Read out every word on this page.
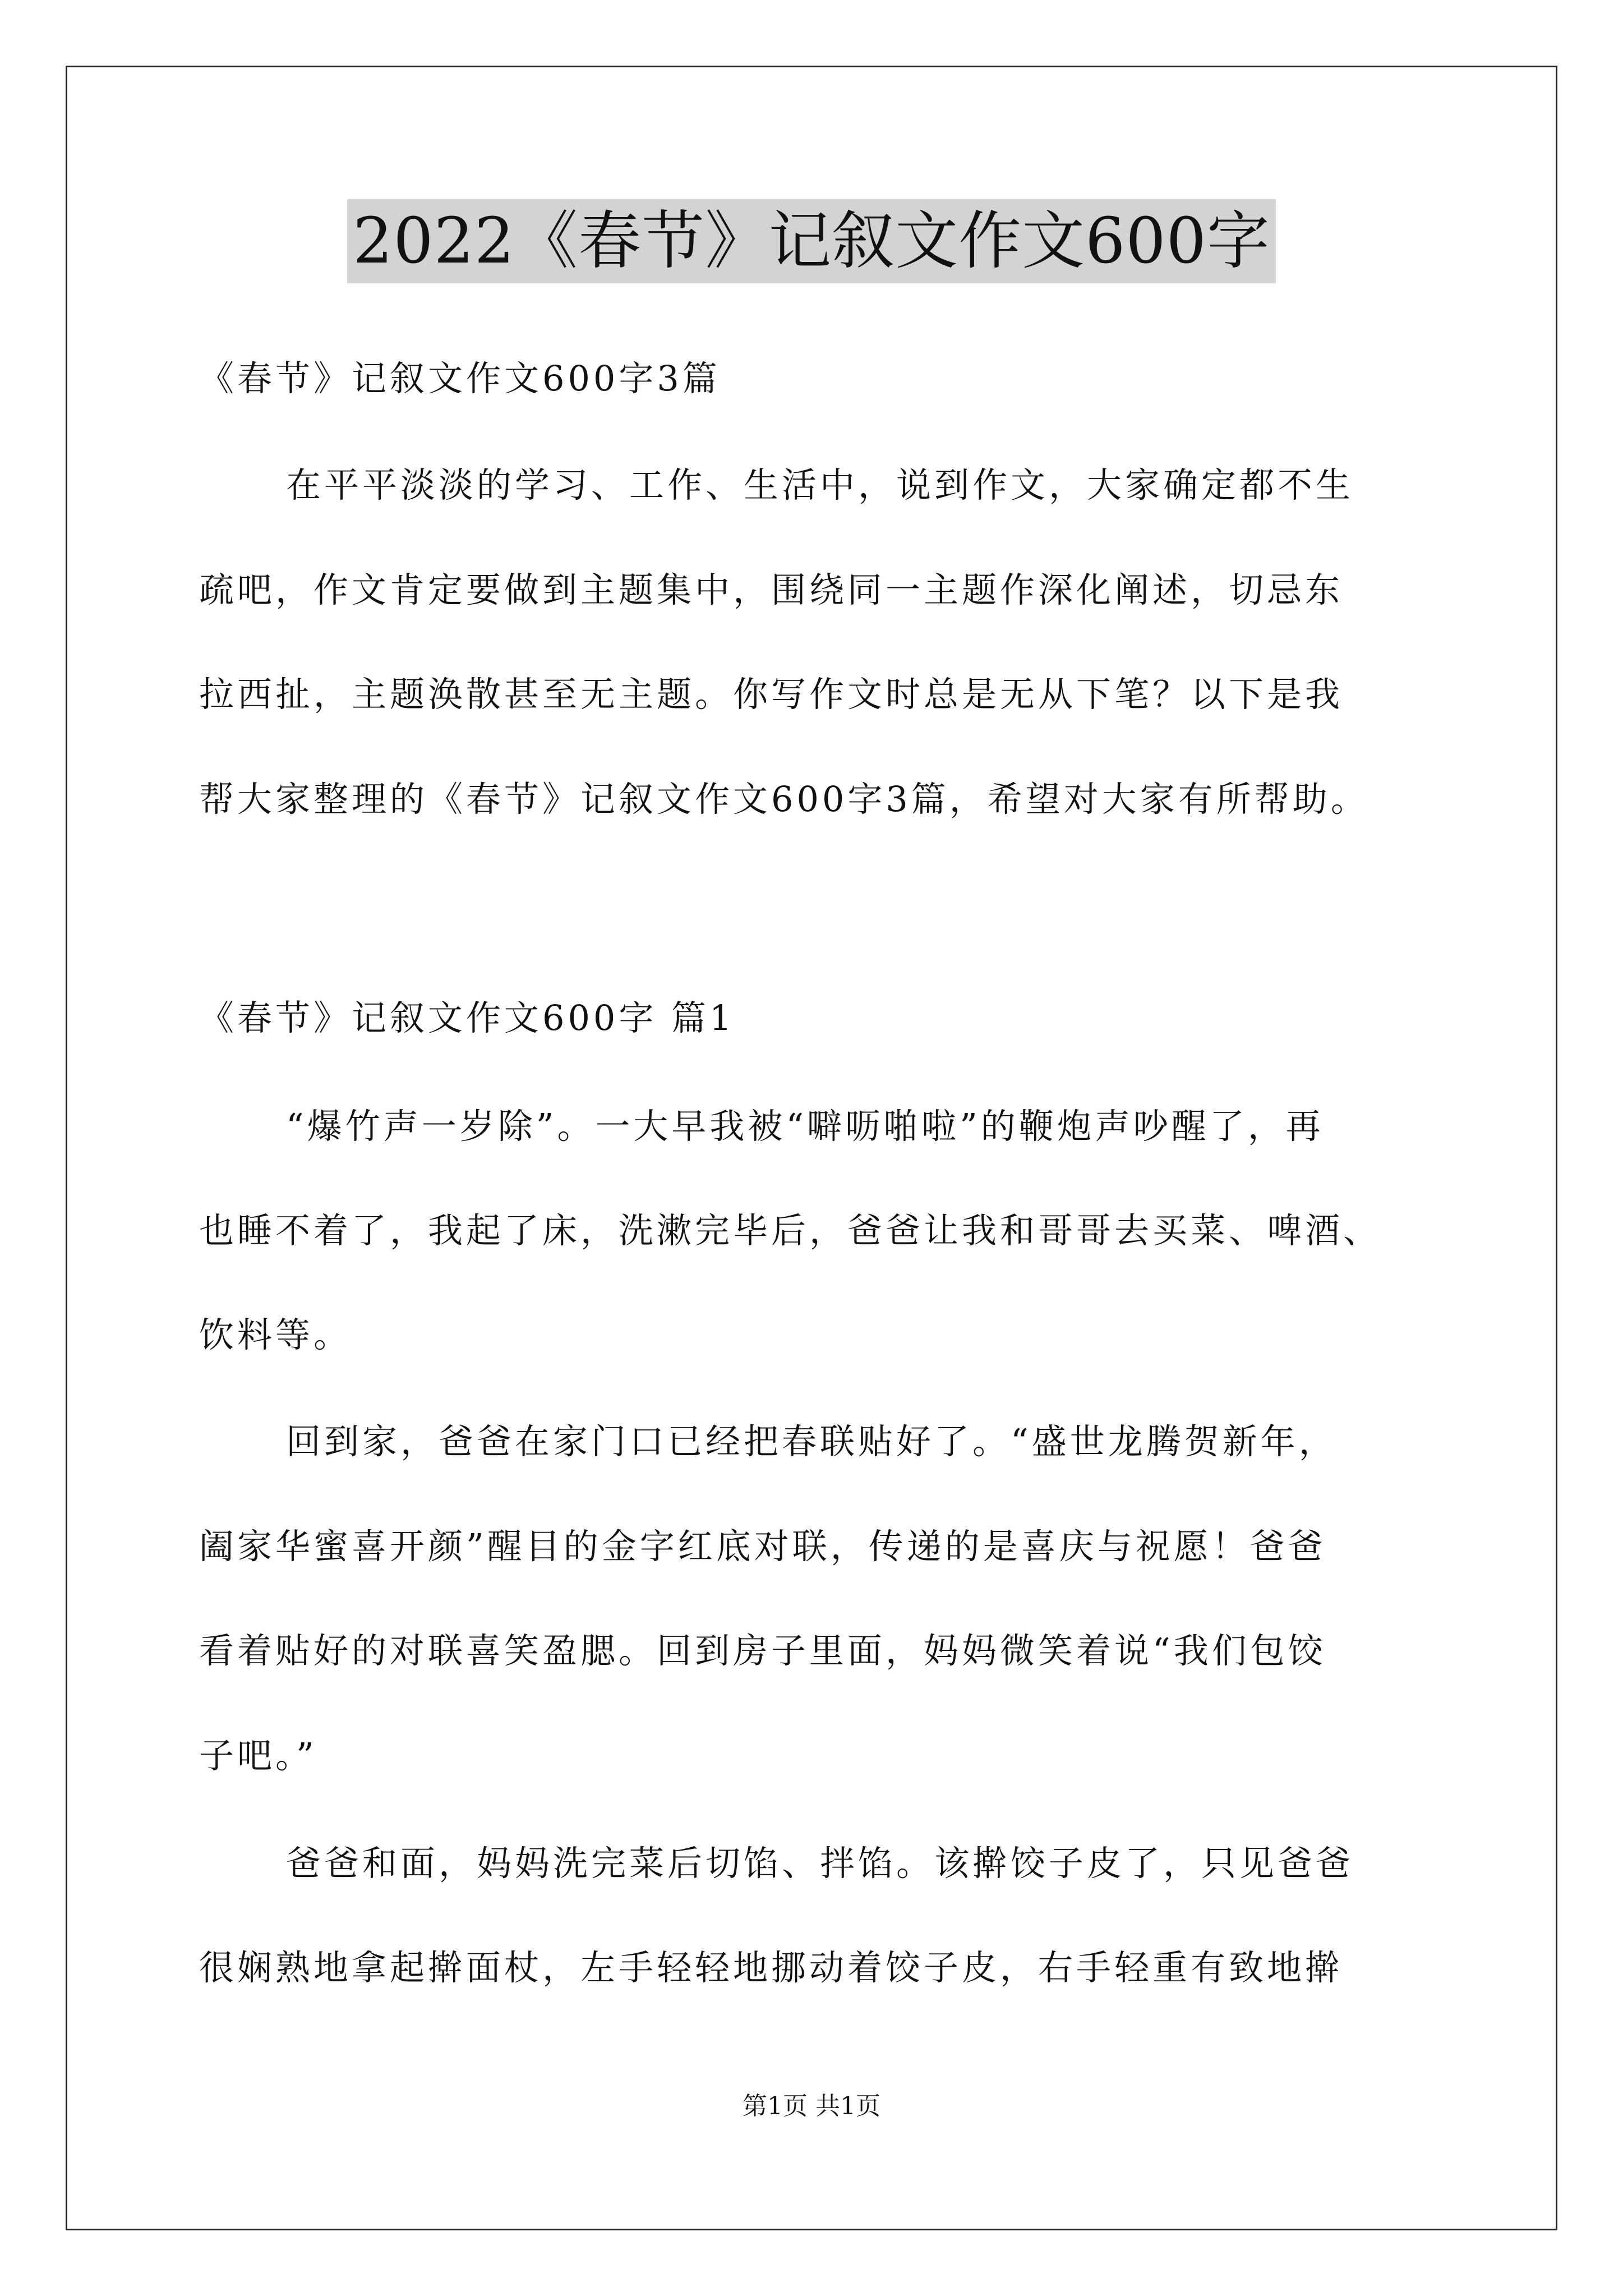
2022《春节》记叙文作文600字
《春节》记叙文作文600字3篇
在平平淡淡的学习、工作、生活中，说到作文，大家确定都不生
疏吧，作文肯定要做到主题集中，围绕同一主题作深化阐述，切忌东
拉西扯，主题涣散甚至无主题。你写作文时总是无从下笔？以下是我
帮大家整理的《春节》记叙文作文600字3篇，希望对大家有所帮助。
《春节》记叙文作文600字 篇1
“爆竹声一岁除”。一大早我被“噼呖啪啦”的鞭炮声吵醒了，再
也睡不着了，我起了床，洗漱完毕后，爸爸让我和哥哥去买菜、啤酒、
饮料等。
回到家，爸爸在家门口已经把春联贴好了。“盛世龙腾贺新年，
阖家华蜜喜开颜”醒目的金字红底对联，传递的是喜庆与祝愿！爸爸
看着贴好的对联喜笑盈腮。回到房子里面，妈妈微笑着说“我们包饺
子吧。”
爸爸和面，妈妈洗完菜后切馅、拌馅。该擀饺子皮了，只见爸爸
很娴熟地拿起擀面杖，左手轻轻地挪动着饺子皮，右手轻重有致地擀
第1页 共1页
